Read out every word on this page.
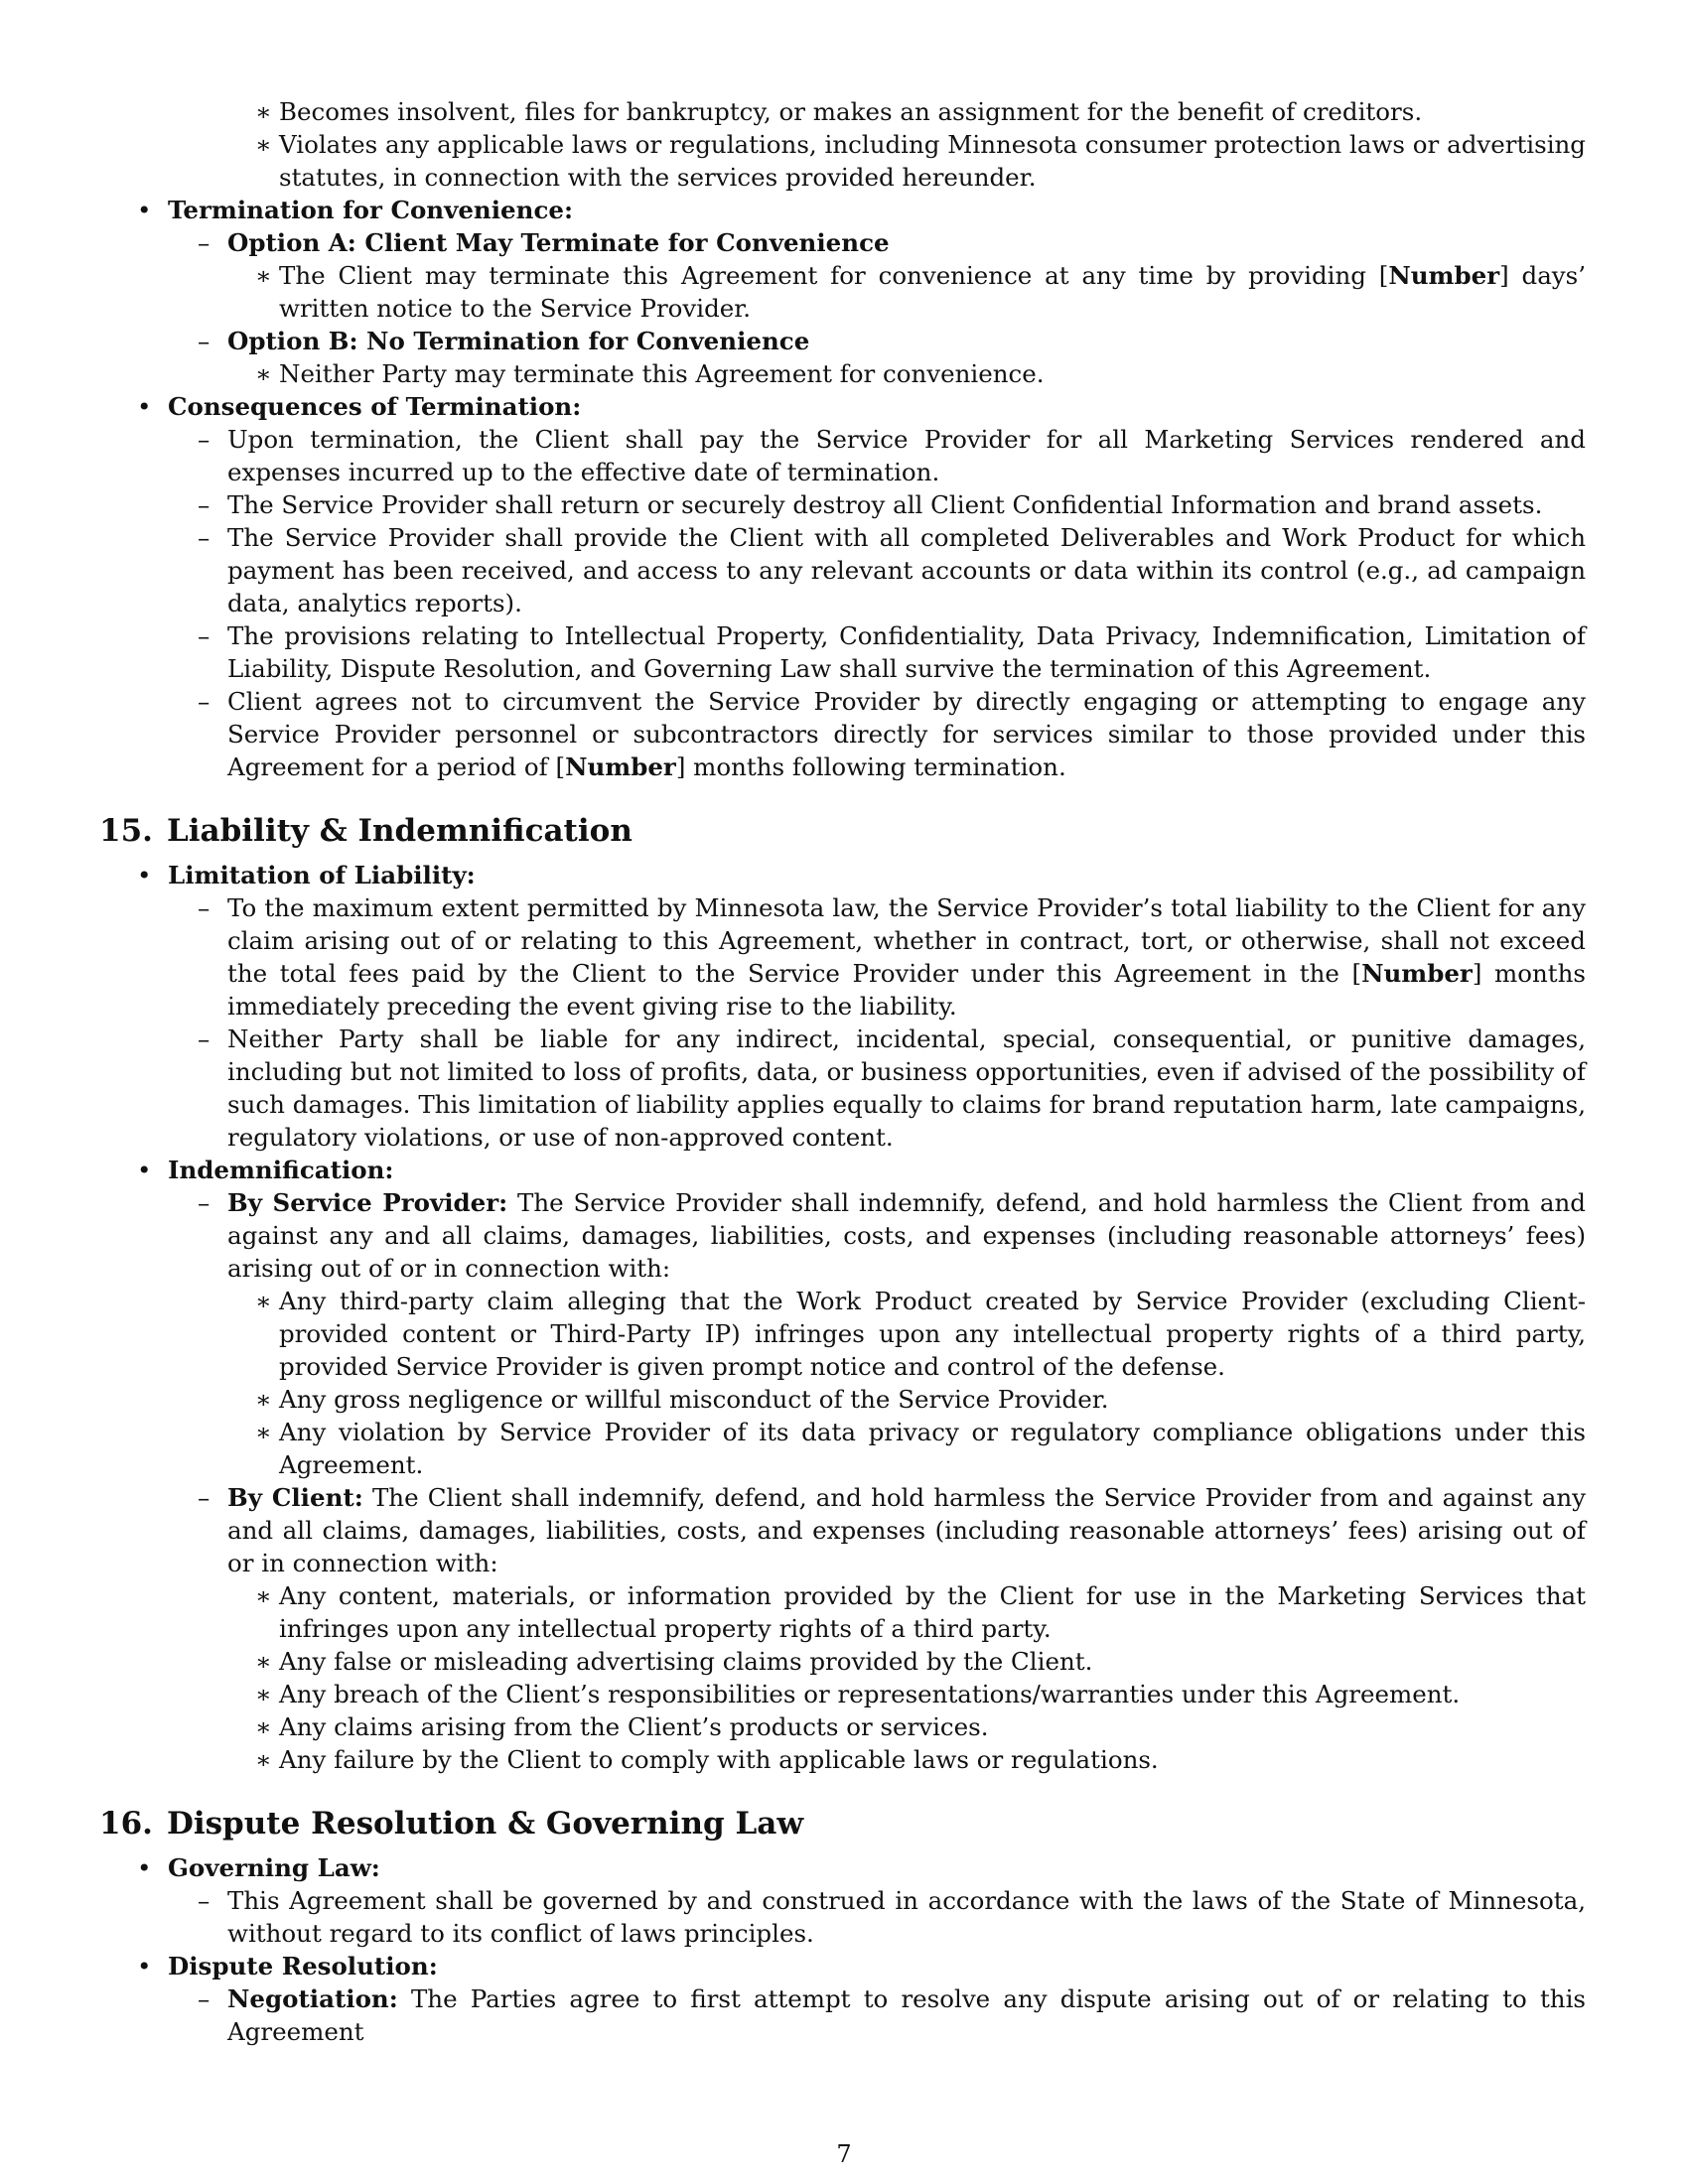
∗ Becomes insolvent, files for bankruptcy, or makes an assignment for the benefit of creditors.
∗ Violates any applicable laws or regulations, including Minnesota consumer protection laws or advertising statutes, in connection with the services provided hereunder.
• Termination for Convenience:
– Option A: Client May Terminate for Convenience
∗ The Client may terminate this Agreement for convenience at any time by providing [Number] days’ written notice to the Service Provider.
– Option B: No Termination for Convenience
∗ Neither Party may terminate this Agreement for convenience.
• Consequences of Termination:
– Upon termination, the Client shall pay the Service Provider for all Marketing Services rendered and expenses incurred up to the effective date of termination.
– The Service Provider shall return or securely destroy all Client Confidential Information and brand assets.
– The Service Provider shall provide the Client with all completed Deliverables and Work Product for which payment has been received, and access to any relevant accounts or data within its control (e.g., ad campaign data, analytics reports).
– The provisions relating to Intellectual Property, Confidentiality, Data Privacy, Indemnification, Limitation of Liability, Dispute Resolution, and Governing Law shall survive the termination of this Agreement.
– Client agrees not to circumvent the Service Provider by directly engaging or attempting to engage any Service Provider personnel or subcontractors directly for services similar to those provided under this Agreement for a period of [Number] months following termination.
15. Liability & Indemnification
• Limitation of Liability:
– To the maximum extent permitted by Minnesota law, the Service Provider’s total liability to the Client for any claim arising out of or relating to this Agreement, whether in contract, tort, or otherwise, shall not exceed the total fees paid by the Client to the Service Provider under this Agreement in the [Number] months immediately preceding the event giving rise to the liability.
– Neither Party shall be liable for any indirect, incidental, special, consequential, or punitive damages, including but not limited to loss of profits, data, or business opportunities, even if advised of the possibility of such damages. This limitation of liability applies equally to claims for brand reputation harm, late campaigns, regulatory violations, or use of non-approved content.
• Indemnification:
– By Service Provider: The Service Provider shall indemnify, defend, and hold harmless the Client from and against any and all claims, damages, liabilities, costs, and expenses (including reasonable attorneys’ fees) arising out of or in connection with:
∗ Any third-party claim alleging that the Work Product created by Service Provider (excluding Client-provided content or Third-Party IP) infringes upon any intellectual property rights of a third party, provided Service Provider is given prompt notice and control of the defense.
∗ Any gross negligence or willful misconduct of the Service Provider.
∗ Any violation by Service Provider of its data privacy or regulatory compliance obligations under this Agreement.
– By Client: The Client shall indemnify, defend, and hold harmless the Service Provider from and against any and all claims, damages, liabilities, costs, and expenses (including reasonable attorneys’ fees) arising out of or in connection with:
∗ Any content, materials, or information provided by the Client for use in the Marketing Services that infringes upon any intellectual property rights of a third party.
∗ Any false or misleading advertising claims provided by the Client.
∗ Any breach of the Client’s responsibilities or representations/warranties under this Agreement.
∗ Any claims arising from the Client’s products or services.
∗ Any failure by the Client to comply with applicable laws or regulations.
16. Dispute Resolution & Governing Law
• Governing Law:
– This Agreement shall be governed by and construed in accordance with the laws of the State of Minnesota, without regard to its conflict of laws principles.
• Dispute Resolution:
– Negotiation: The Parties agree to first attempt to resolve any dispute arising out of or relating to this Agreement
7
